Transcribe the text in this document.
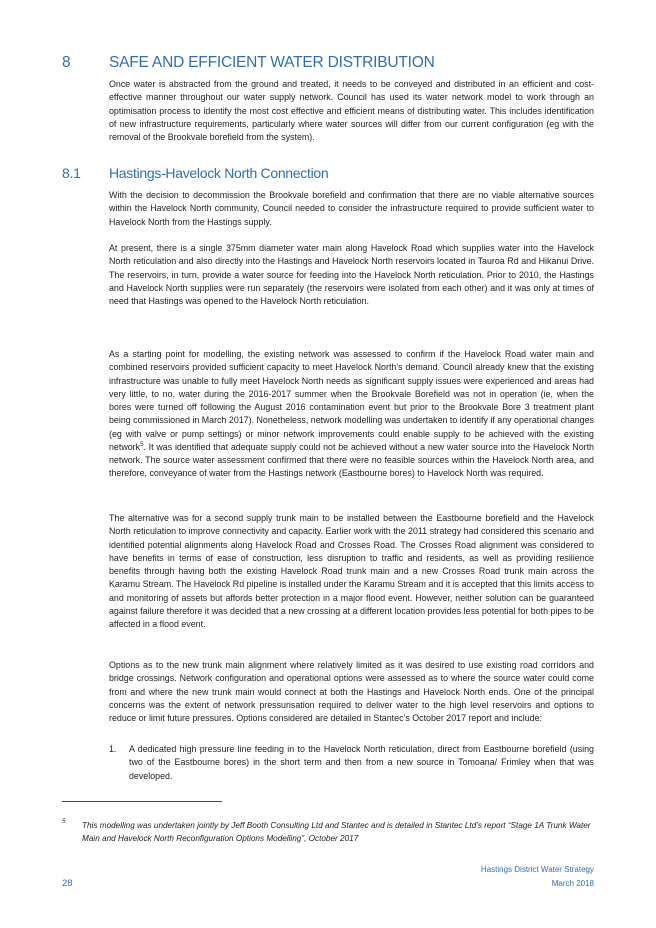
8 SAFE AND EFFICIENT WATER DISTRIBUTION

Once water is abstracted from the ground and treated, it needs to be conveyed and distributed in an efficient and cost-effective manner throughout our water supply network. Council has used its water network model to work through an optimisation process to identify the most cost effective and efficient means of distributing water. This includes identification of new infrastructure requirements, particularly where water sources will differ from our current configuration (eg with the removal of the Brookvale borefield from the system).

8.1 Hastings-Havelock North Connection

With the decision to decommission the Brookvale borefield and confirmation that there are no viable alternative sources within the Havelock North community, Council needed to consider the infrastructure required to provide sufficient water to Havelock North from the Hastings supply.

At present, there is a single 375mm diameter water main along Havelock Road which supplies water into the Havelock North reticulation and also directly into the Hastings and Havelock North reservoirs located in Tauroa Rd and Hikanui Drive. The reservoirs, in turn, provide a water source for feeding into the Havelock North reticulation. Prior to 2010, the Hastings and Havelock North supplies were run separately (the reservoirs were isolated from each other) and it was only at times of need that Hastings was opened to the Havelock North reticulation.

As a starting point for modelling, the existing network was assessed to confirm if the Havelock Road water main and combined reservoirs provided sufficient capacity to meet Havelock North’s demand. Council already knew that the existing infrastructure was unable to fully meet Havelock North needs as significant supply issues were experienced and areas had very little, to no, water during the 2016-2017 summer when the Brookvale Borefield was not in operation (ie, when the bores were turned off following the August 2016 contamination event but prior to the Brookvale Bore 3 treatment plant being commissioned in March 2017). Nonetheless, network modelling was undertaken to identify if any operational changes (eg with valve or pump settings) or minor network improvements could enable supply to be achieved with the existing network$^5$. It was identified that adequate supply could not be achieved without a new water source into the Havelock North network. The source water assessment confirmed that there were no feasible sources within the Havelock North area, and therefore, conveyance of water from the Hastings network (Eastbourne bores) to Havelock North was required.

The alternative was for a second supply trunk main to be installed between the Eastbourne borefield and the Havelock North reticulation to improve connectivity and capacity. Earlier work with the 2011 strategy had considered this scenario and identified potential alignments along Havelock Road and Crosses Road. The Crosses Road alignment was considered to have benefits in terms of ease of construction, less disruption to traffic and residents, as well as providing resilience benefits through having both the existing Havelock Road trunk main and a new Crosses Road trunk main across the Karamu Stream. The Havelock Rd pipeline is installed under the Karamu Stream and it is accepted that this limits access to and monitoring of assets but affords better protection in a major flood event. However, neither solution can be guaranteed against failure therefore it was decided that a new crossing at a different location provides less potential for both pipes to be affected in a flood event.

Options as to the new trunk main alignment where relatively limited as it was desired to use existing road corridors and bridge crossings. Network configuration and operational options were assessed as to where the source water could come from and where the new trunk main would connect at both the Hastings and Havelock North ends. One of the principal concerns was the extent of network pressurisation required to deliver water to the high level reservoirs and options to reduce or limit future pressures. Options considered are detailed in Stantec’s October 2017 report and include:

1. A dedicated high pressure line feeding in to the Havelock North reticulation, direct from Eastbourne borefield (using two of the Eastbourne bores) in the short term and then from a new source in Tomoana/ Frimley when that was developed.

5 This modelling was undertaken jointly by Jeff Booth Consulting Ltd and Stantec and is detailed in Stantec Ltd’s report “Stage 1A Trunk Water Main and Havelock North Reconfiguration Options Modelling”, October 2017

Hastings District Water Strategy
March 2018
28
